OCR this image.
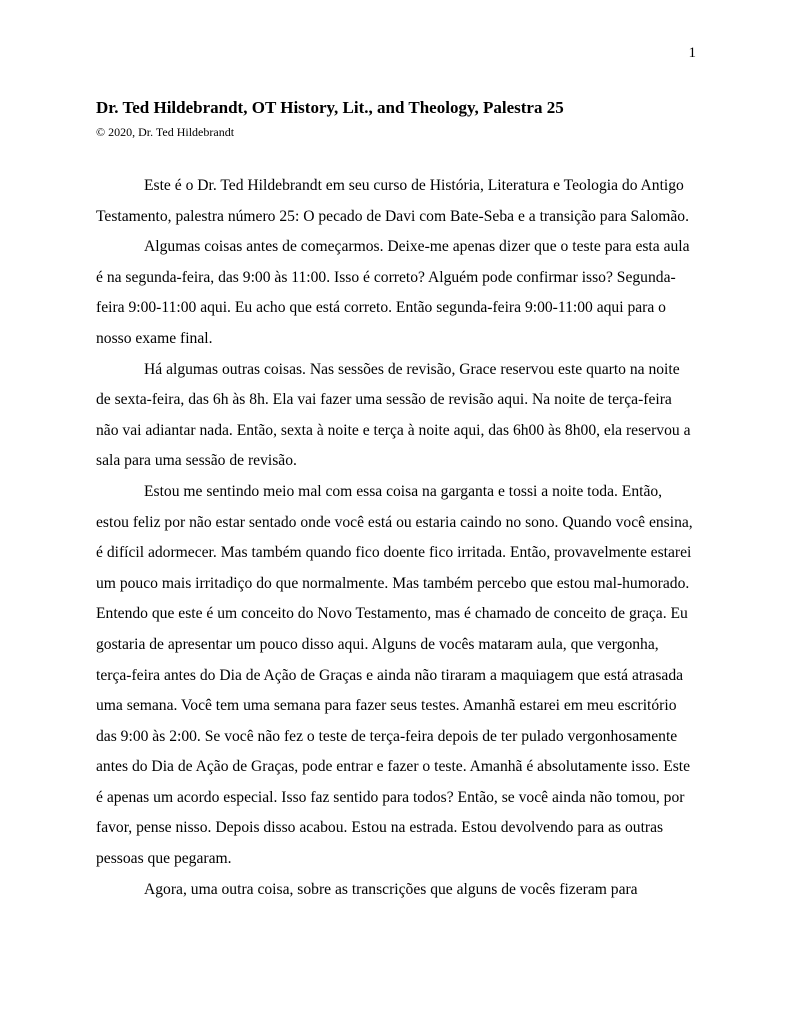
1
Dr. Ted Hildebrandt, OT History, Lit., and Theology, Palestra 25
© 2020, Dr. Ted Hildebrandt

Este é o Dr. Ted Hildebrandt em seu curso de História, Literatura e Teologia do Antigo Testamento, palestra número 25: O pecado de Davi com Bate-Seba e a transição para Salomão.

Algumas coisas antes de começarmos. Deixe-me apenas dizer que o teste para esta aula é na segunda-feira, das 9:00 às 11:00. Isso é correto? Alguém pode confirmar isso? Segunda-feira 9:00-11:00 aqui. Eu acho que está correto. Então segunda-feira 9:00-11:00 aqui para o nosso exame final.

Há algumas outras coisas. Nas sessões de revisão, Grace reservou este quarto na noite de sexta-feira, das 6h às 8h. Ela vai fazer uma sessão de revisão aqui. Na noite de terça-feira não vai adiantar nada. Então, sexta à noite e terça à noite aqui, das 6h00 às 8h00, ela reservou a sala para uma sessão de revisão.

Estou me sentindo meio mal com essa coisa na garganta e tossi a noite toda. Então, estou feliz por não estar sentado onde você está ou estaria caindo no sono. Quando você ensina, é difícil adormecer. Mas também quando fico doente fico irritada. Então, provavelmente estarei um pouco mais irritadiço do que normalmente. Mas também percebo que estou mal-humorado. Entendo que este é um conceito do Novo Testamento, mas é chamado de conceito de graça. Eu gostaria de apresentar um pouco disso aqui. Alguns de vocês mataram aula, que vergonha, terça-feira antes do Dia de Ação de Graças e ainda não tiraram a maquiagem que está atrasada uma semana. Você tem uma semana para fazer seus testes. Amanhã estarei em meu escritório das 9:00 às 2:00. Se você não fez o teste de terça-feira depois de ter pulado vergonhosamente antes do Dia de Ação de Graças, pode entrar e fazer o teste. Amanhã é absolutamente isso. Este é apenas um acordo especial. Isso faz sentido para todos? Então, se você ainda não tomou, por favor, pense nisso. Depois disso acabou. Estou na estrada. Estou devolvendo para as outras pessoas que pegaram.

Agora, uma outra coisa, sobre as transcrições que alguns de vocês fizeram para
